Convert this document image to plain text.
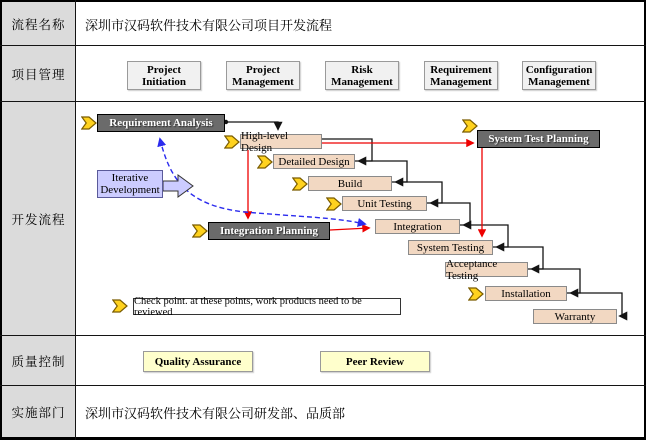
流程名称
项目管理
开发流程
质量控制
实施部门
深圳市汉码软件技术有限公司项目开发流程
Project
Initiation
Project
Management
Risk
Management
Requirement
Management
Configuration
Management
Requirement Analysis
High-level Design
Detailed Design
Build
Unit Testing
Integration Planning	Integration
System Testing
Acceptance Testing
Installation
Warranty
System Test Planning
Iterative
Development
Check point. at these points, work products need to be reviewed
Quality Assurance	Peer Review
深圳市汉码软件技术有限公司研发部、品质部
